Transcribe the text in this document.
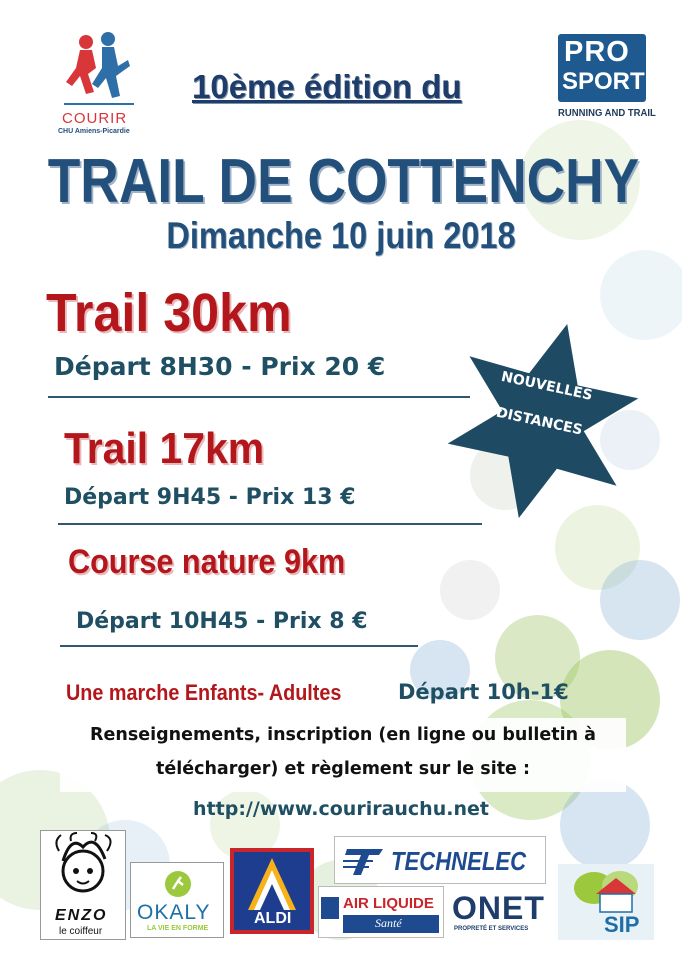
COURIR
CHU Amiens-Picardie
PRO
SPORT
RUNNING AND TRAIL
10ème édition du
TRAIL DE COTTENCHY
Dimanche 10 juin 2018
Trail 30km
Départ 8H30 - Prix 20 €
Trail 17km
Départ 9H45 - Prix 13 €
Course nature 9km
Départ 10H45 - Prix 8 €
NOUVELLES
DISTANCES
Une marche Enfants- Adultes	Départ 10h-1€
Renseignements, inscription (en ligne ou bulletin à
télécharger) et règlement sur le site :
http://www.courirauchu.net
ENZO
le coiffeur
OKALY
LA VIE EN FORME
ALDI
TECHNELEC
AIR LIQUIDE
Santé ONET
PROPRETÉ ET SERVICES	SIP
